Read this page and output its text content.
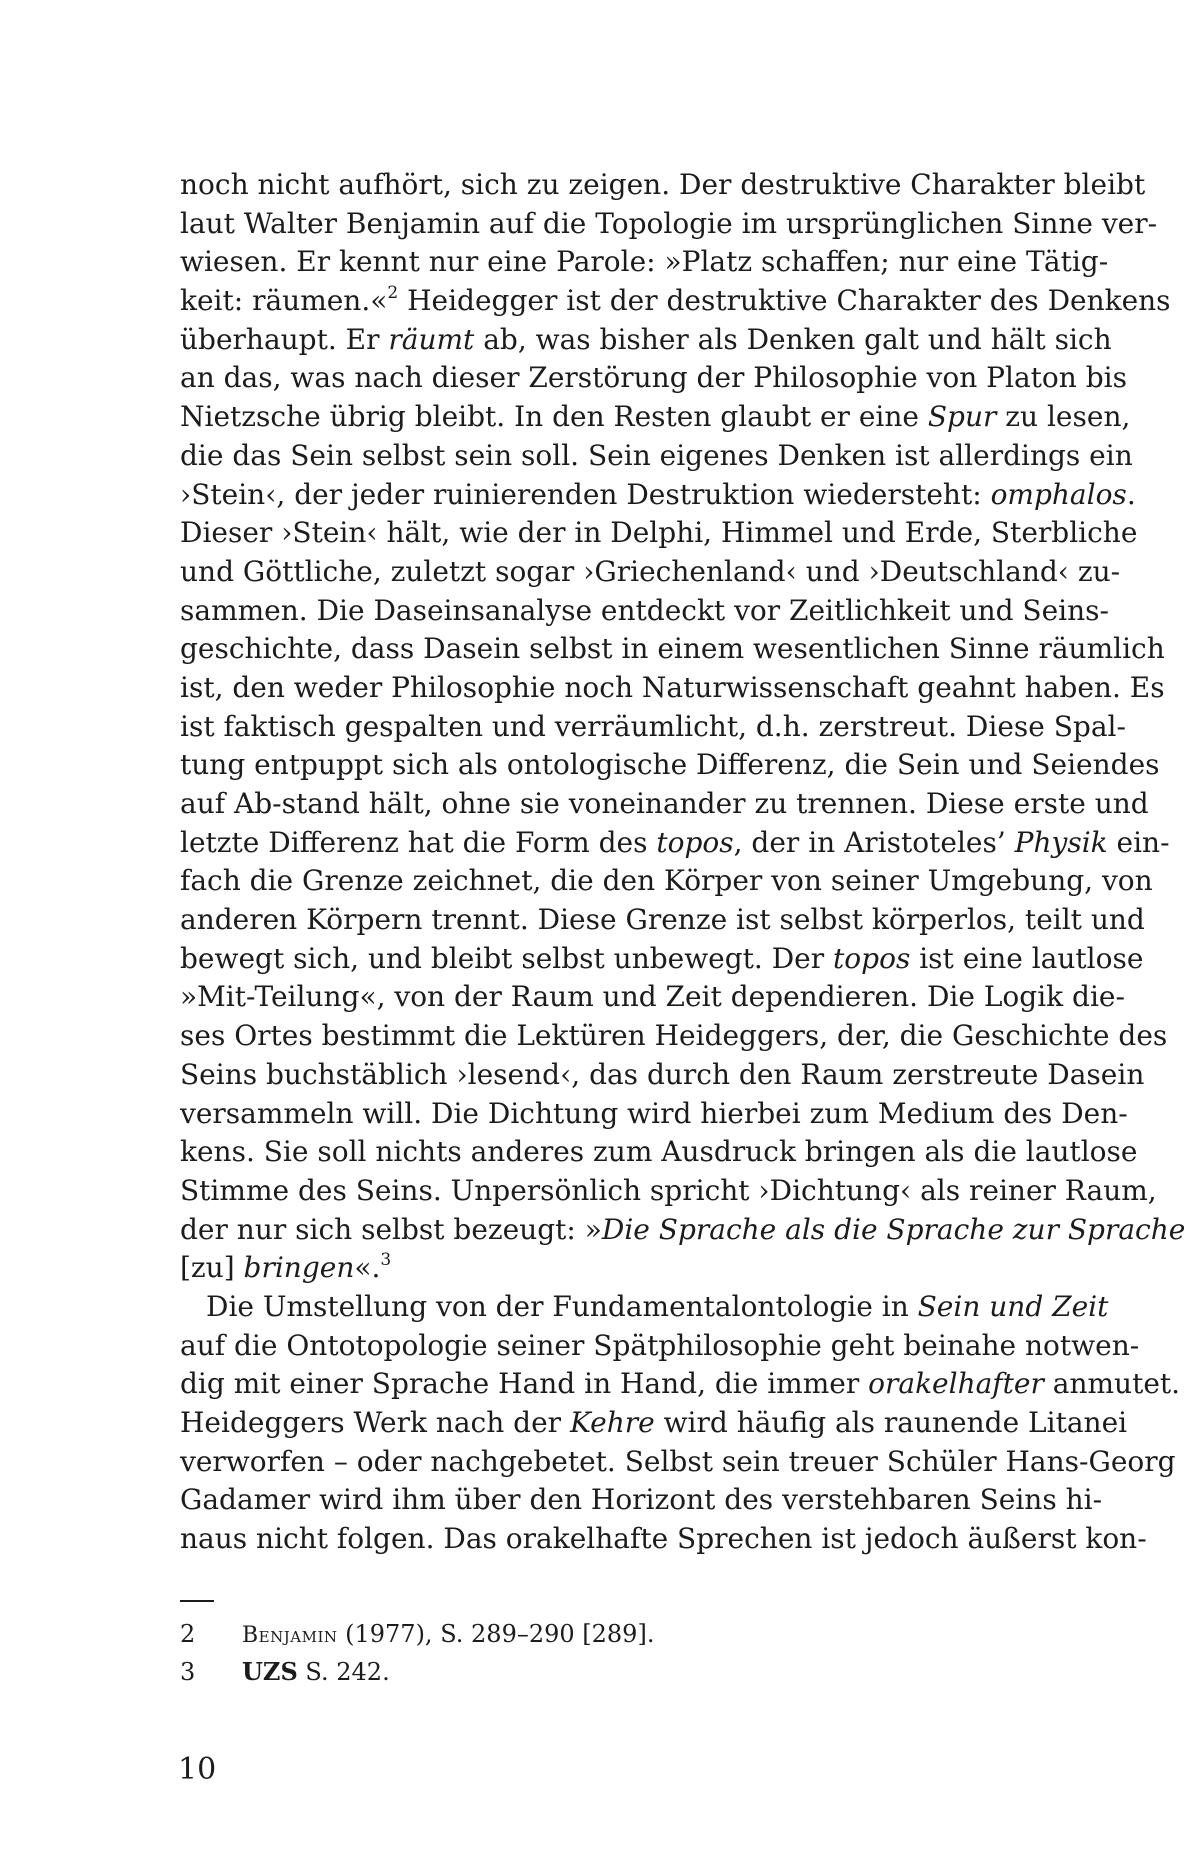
noch nicht aufhört, sich zu zeigen. Der destruktive Charakter bleibt
laut Walter Benjamin auf die Topologie im ursprünglichen Sinne ver-
wiesen. Er kennt nur eine Parole: »Platz schaffen; nur eine Tätig-
keit: räumen.«$^2$ Heidegger ist der destruktive Charakter des Denkens
überhaupt. Er räumt ab, was bisher als Denken galt und hält sich
an das, was nach dieser Zerstörung der Philosophie von Platon bis
Nietzsche übrig bleibt. In den Resten glaubt er eine Spur zu lesen,
die das Sein selbst sein soll. Sein eigenes Denken ist allerdings ein
›Stein‹, der jeder ruinierenden Destruktion wiedersteht: omphalos.
Dieser ›Stein‹ hält, wie der in Delphi, Himmel und Erde, Sterbliche
und Göttliche, zuletzt sogar ›Griechenland‹ und ›Deutschland‹ zu-
sammen. Die Daseinsanalyse entdeckt vor Zeitlichkeit und Seins-
geschichte, dass Dasein selbst in einem wesentlichen Sinne räumlich
ist, den weder Philosophie noch Naturwissenschaft geahnt haben. Es
ist faktisch gespalten und verräumlicht, d.h. zerstreut. Diese Spal-
tung entpuppt sich als ontologische Differenz, die Sein und Seiendes
auf Ab-stand hält, ohne sie voneinander zu trennen. Diese erste und
letzte Differenz hat die Form des topos, der in Aristoteles’ Physik ein-
fach die Grenze zeichnet, die den Körper von seiner Umgebung, von
anderen Körpern trennt. Diese Grenze ist selbst körperlos, teilt und
bewegt sich, und bleibt selbst unbewegt. Der topos ist eine lautlose
»Mit-Teilung«, von der Raum und Zeit dependieren. Die Logik die-
ses Ortes bestimmt die Lektüren Heideggers, der, die Geschichte des
Seins buchstäblich ›lesend‹, das durch den Raum zerstreute Dasein
versammeln will. Die Dichtung wird hierbei zum Medium des Den-
kens. Sie soll nichts anderes zum Ausdruck bringen als die lautlose
Stimme des Seins. Unpersönlich spricht ›Dichtung‹ als reiner Raum,
der nur sich selbst bezeugt: »Die Sprache als die Sprache zur Sprache
[zu] bringen«.$^3$
Die Umstellung von der Fundamentalontologie in Sein und Zeit
auf die Ontotopologie seiner Spätphilosophie geht beinahe notwen-
dig mit einer Sprache Hand in Hand, die immer orakelhafter anmutet.
Heideggers Werk nach der Kehre wird häufig als raunende Litanei
verworfen – oder nachgebetet. Selbst sein treuer Schüler Hans-Georg
Gadamer wird ihm über den Horizont des verstehbaren Seins hi-
naus nicht folgen. Das orakelhafte Sprechen ist jedoch äußerst kon-
2	Benjamin (1977), S. 289–290 [289].
3	UZS S. 242.
10
